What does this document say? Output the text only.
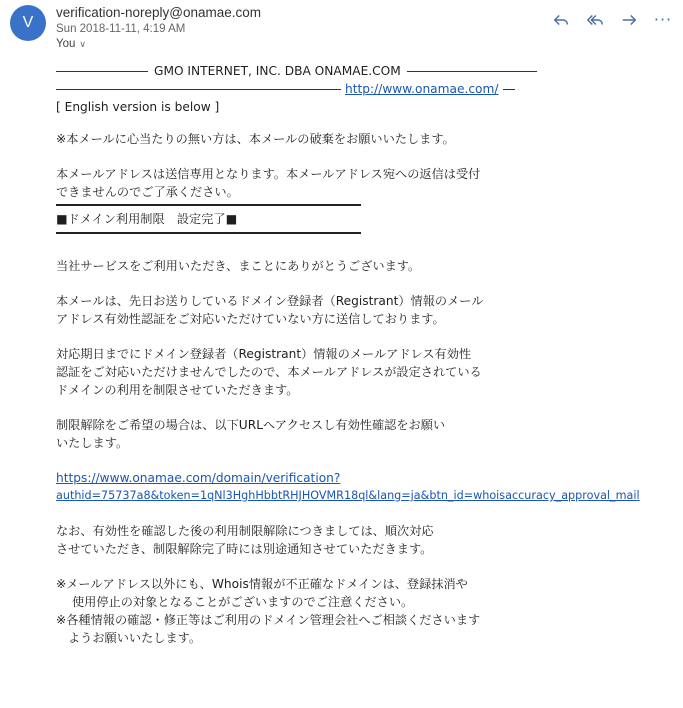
V
verification-noreply@onamae.com
Sun 2018-11-11, 4:19 AM
You ∨
···
GMO INTERNET, INC. DBA ONAMAE.COM
http://www.onamae.com/
[ English version is below ]
※本メールに心当たりの無い方は、本メールの破棄をお願いいたします。
本メールアドレスは送信専用となります。本メールアドレス宛への返信は受付
できませんのでご了承ください。
■ドメイン利用制限　設定完了■
当社サービスをご利用いただき、まことにありがとうございます。
本メールは、先日お送りしているドメイン登録者（Registrant）情報のメール
アドレス有効性認証をご対応いただけていない方に送信しております。
対応期日までにドメイン登録者（Registrant）情報のメールアドレス有効性
認証をご対応いただけませんでしたので、本メールアドレスが設定されている
ドメインの利用を制限させていただきます。
制限解除をご希望の場合は、以下URLへアクセスし有効性確認をお願い
いたします。
https://www.onamae.com/domain/verification?
authid=75737a8&token=1qNl3HghHbbtRHJHOVMR18ql&lang=ja&btn_id=whoisaccuracy_approval_mail
なお、有効性を確認した後の利用制限解除につきましては、順次対応
させていただき、制限解除完了時には別途通知させていただきます。
※メールアドレス以外にも、Whois情報が不正確なドメインは、登録抹消や
使用停止の対象となることがございますのでご注意ください。
※各種情報の確認・修正等はご利用のドメイン管理会社へご相談くださいます
ようお願いいたします。
